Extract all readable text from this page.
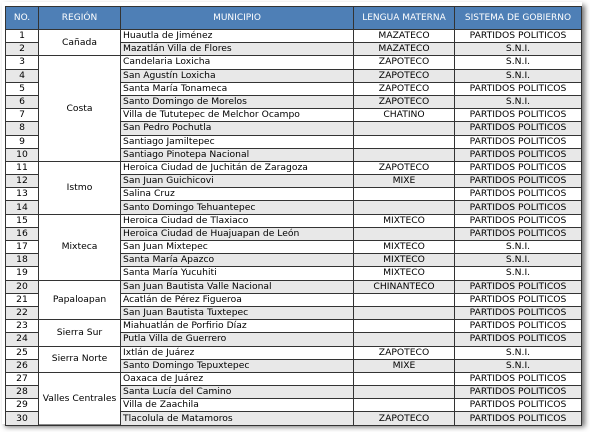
NO.	REGIÓN	MUNICIPIO	LENGUA MATERNA	SISTEMA DE GOBIERNO
1	Cañada	Huautla de Jiménez	MAZATECO	PARTIDOS POLITICOS
2		Mazatlán Villa de Flores	MAZATECO	S.N.I.
3	Costa	Candelaria Loxicha	ZAPOTECO	S.N.I.
4		San Agustín Loxicha	ZAPOTECO	S.N.I.
5		Santa María Tonameca	ZAPOTECO	PARTIDOS POLITICOS
6		Santo Domingo de Morelos	ZAPOTECO	S.N.I.
7		Villa de Tututepec de Melchor Ocampo	CHATINO	PARTIDOS POLITICOS
8		San Pedro Pochutla		PARTIDOS POLITICOS
9		Santiago Jamiltepec		PARTIDOS POLITICOS
10		Santiago Pinotepa Nacional		PARTIDOS POLITICOS
11	Istmo	Heroica Ciudad de Juchitán de Zaragoza	ZAPOTECO	PARTIDOS POLITICOS
12		San Juan Guichicovi	MIXE	PARTIDOS POLITICOS
13		Salina Cruz		PARTIDOS POLITICOS
14		Santo Domingo Tehuantepec		PARTIDOS POLITICOS
15	Mixteca	Heroica Ciudad de Tlaxiaco	MIXTECO	PARTIDOS POLITICOS
16		Heroica Ciudad de Huajuapan de León		PARTIDOS POLITICOS
17		San Juan Mixtepec	MIXTECO	S.N.I.
18		Santa María Apazco	MIXTECO	S.N.I.
19		Santa María Yucuhiti	MIXTECO	S.N.I.
20	Papaloapan	San Juan Bautista Valle Nacional	CHINANTECO	PARTIDOS POLITICOS
21		Acatlán de Pérez Figueroa		PARTIDOS POLITICOS
22		San Juan Bautista Tuxtepec		PARTIDOS POLITICOS
23	Sierra Sur	Miahuatlán de Porfirio Díaz		PARTIDOS POLITICOS
24		Putla Villa de Guerrero		PARTIDOS POLITICOS
25	Sierra Norte	Ixtlán de Juárez	ZAPOTECO	S.N.I.
26		Santo Domingo Tepuxtepec	MIXE	S.N.I.
27	Valles Centrales	Oaxaca de Juárez		PARTIDOS POLITICOS
28		Santa Lucía del Camino		PARTIDOS POLITICOS
29		Villa de Zaachila		PARTIDOS POLITICOS
30		Tlacolula de Matamoros	ZAPOTECO	PARTIDOS POLITICOS
